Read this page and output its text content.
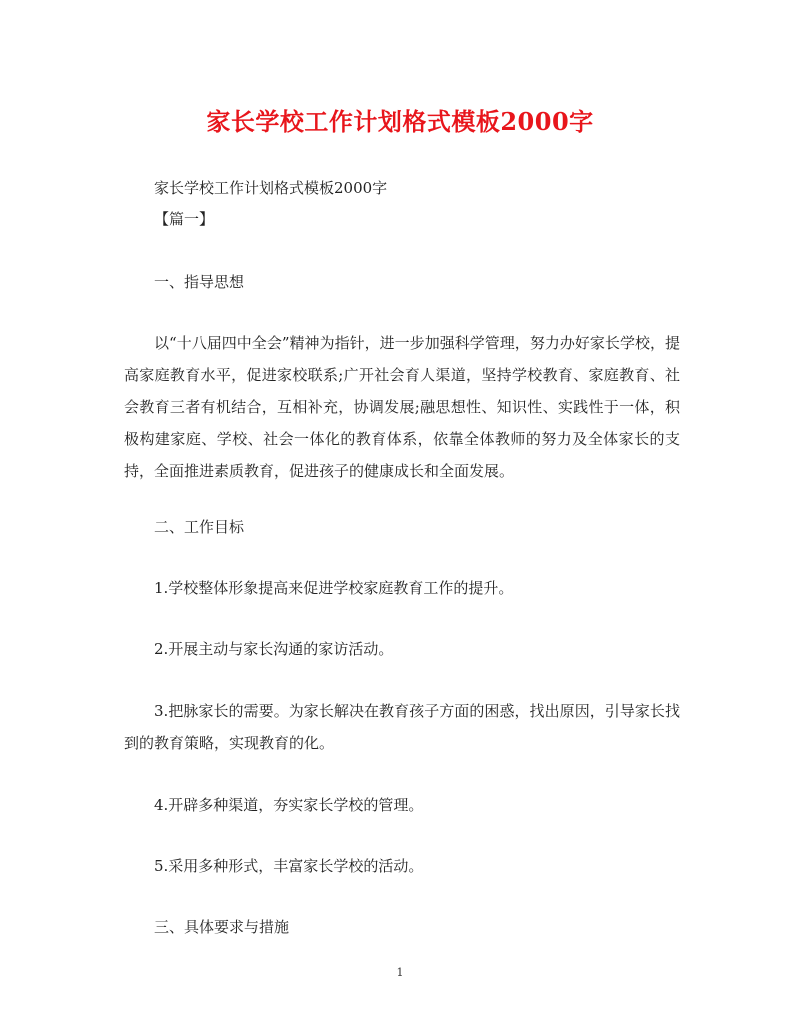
家长学校工作计划格式模板2000字
家长学校工作计划格式模板2000字
【篇一】
一、指导思想
以“十八届四中全会”精神为指针，进一步加强科学管理，努力办好家长学校，提高家庭教育水平，促进家校联系;广开社会育人渠道，坚持学校教育、家庭教育、社会教育三者有机结合，互相补充，协调发展;融思想性、知识性、实践性于一体，积极构建家庭、学校、社会一体化的教育体系，依靠全体教师的努力及全体家长的支持，全面推进素质教育，促进孩子的健康成长和全面发展。
二、工作目标
1.学校整体形象提高来促进学校家庭教育工作的提升。
2.开展主动与家长沟通的家访活动。
3.把脉家长的需要。为家长解决在教育孩子方面的困惑，找出原因，引导家长找到的教育策略，实现教育的化。
4.开辟多种渠道，夯实家长学校的管理。
5.采用多种形式，丰富家长学校的活动。
三、具体要求与措施
1
